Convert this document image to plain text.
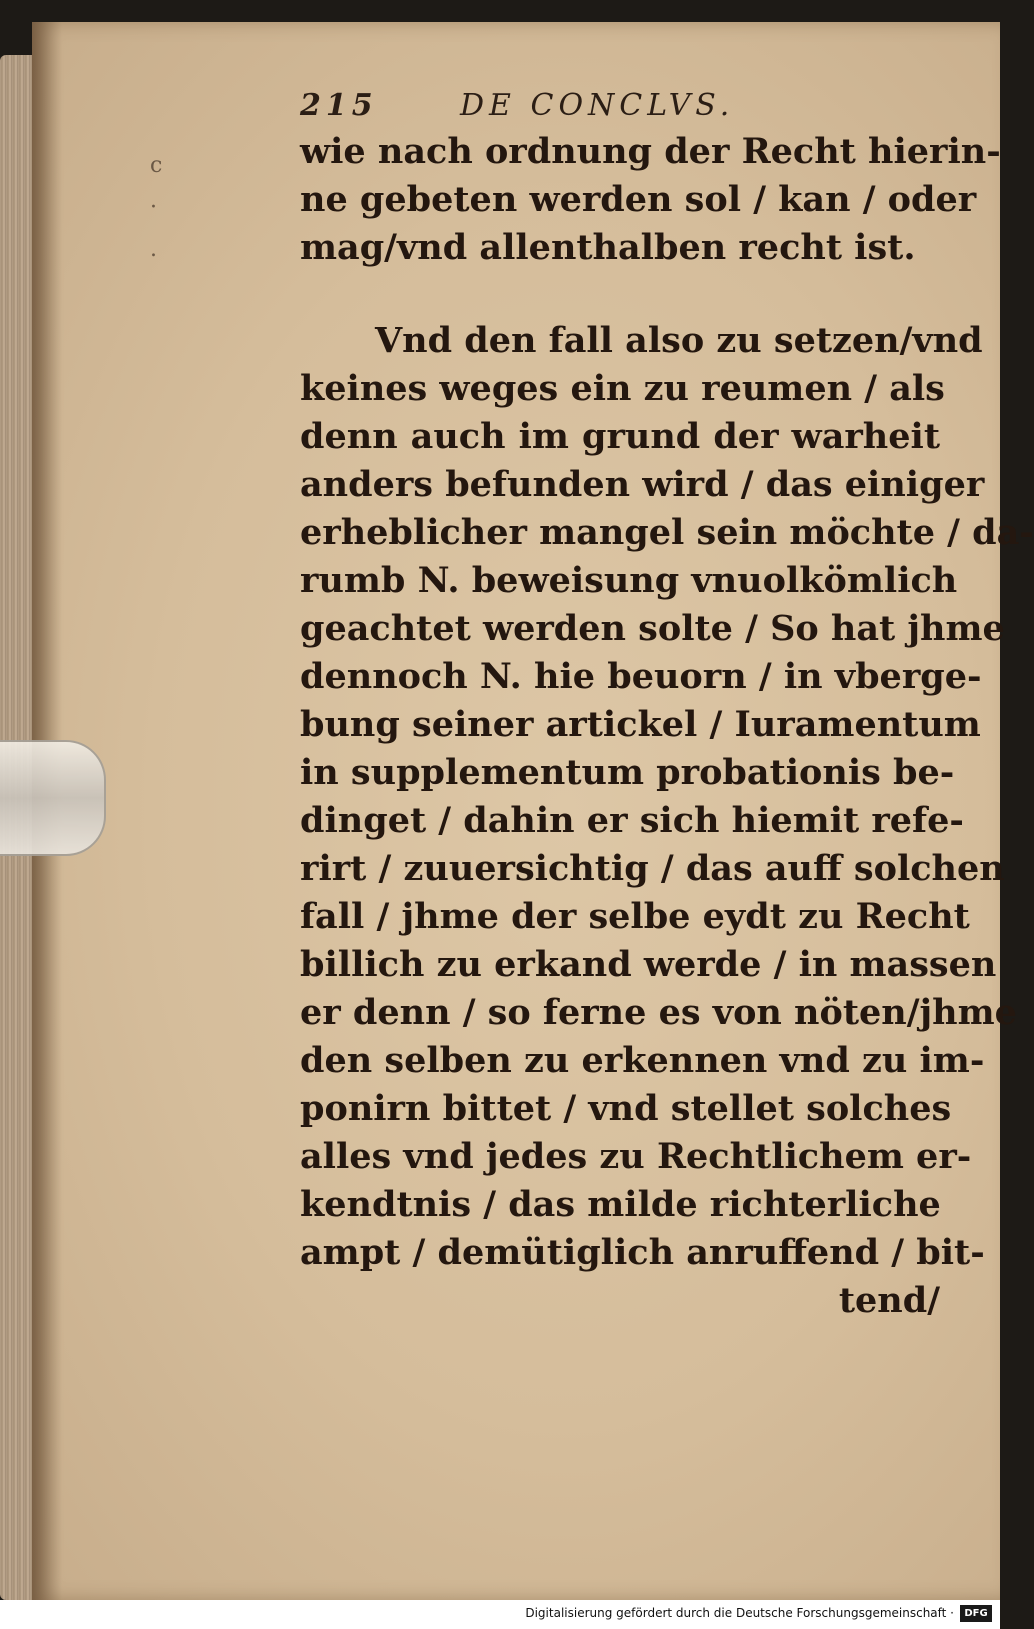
215	DE CONCLVS.
c
·
.
wie nach ordnung der Recht hierin-
ne gebeten werden sol / kan / oder
mag/vnd allenthalben recht ist.
Vnd den fall also zu setzen/vnd
keines weges ein zu reumen / als
denn auch im grund der warheit
anders befunden wird / das einiger
erheblicher mangel sein möchte / da-
rumb N. beweisung vnuolkömlich
geachtet werden solte / So hat jhme
dennoch N. hie beuorn / in vberge-
bung seiner artickel / Iuramentum
in supplementum probationis be-
dinget / dahin er sich hiemit refe-
rirt / zuuersichtig / das auff solchen
fall / jhme der selbe eydt zu Recht
billich zu erkand werde / in massen
er denn / so ferne es von nöten/jhme
den selben zu erkennen vnd zu im-
ponirn bittet / vnd stellet solches
alles vnd jedes zu Rechtlichem er-
kendtnis / das milde richterliche
ampt / demütiglich anruffend / bit-
tend/
Digitalisierung gefördert durch die Deutsche Forschungsgemeinschaft ·	DFG
